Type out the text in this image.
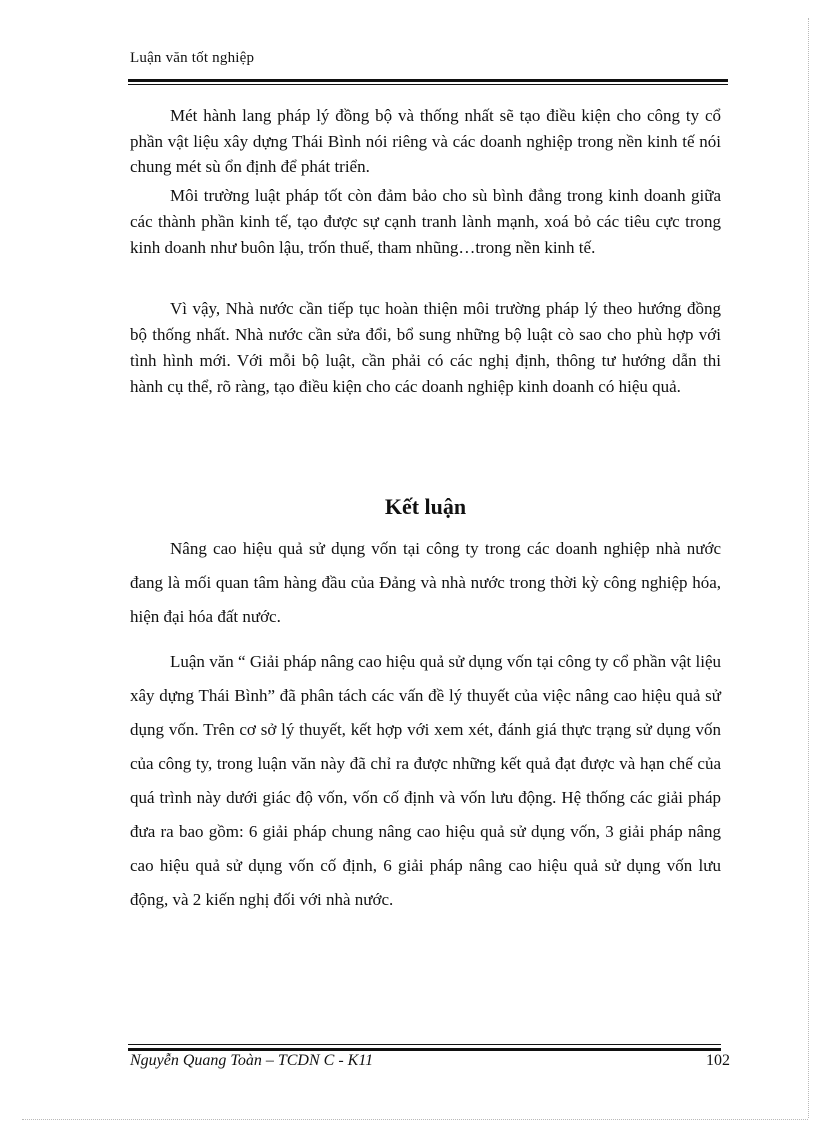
Luận văn tốt nghiệp

Mét hành lang pháp lý đồng bộ và thống nhất sẽ tạo điều kiện cho công ty cổ phần vật liệu xây dựng Thái Bình nói riêng và các doanh nghiệp trong nền kinh tế nói chung mét sù ổn định để phát triển.

Môi trường luật pháp tốt còn đảm bảo cho sù bình đẳng trong kinh doanh giữa các thành phần kinh tế, tạo được sự cạnh tranh lành mạnh, xoá bỏ các tiêu cực trong kinh doanh như buôn lậu, trốn thuế, tham nhũng…trong nền kinh tế.

Vì vậy, Nhà nước cần tiếp tục hoàn thiện môi trường pháp lý theo hướng đồng bộ thống nhất. Nhà nước cần sửa đổi, bổ sung những bộ luật cò sao cho phù hợp với tình hình mới. Với mỗi bộ luật, cần phải có các nghị định, thông tư hướng dẫn thi hành cụ thể, rõ ràng, tạo điều kiện cho các doanh nghiệp kinh doanh có hiệu quả.

Kết luận

Nâng cao hiệu quả sử dụng vốn tại công ty trong các doanh nghiệp nhà nước đang là mối quan tâm hàng đầu của Đảng và nhà nước trong thời kỳ công nghiệp hóa, hiện đại hóa đất nước.

Luận văn “ Giải pháp nâng cao hiệu quả sử dụng vốn tại công ty cổ phần vật liệu xây dựng Thái Bình” đã phân tách các vấn đề lý thuyết của việc nâng cao hiệu quả sử dụng vốn. Trên cơ sở lý thuyết, kết hợp với xem xét, đánh giá thực trạng sử dụng vốn của công ty, trong luận văn này đã chỉ ra được những kết quả đạt được và hạn chế của quá trình này dưới giác độ vốn, vốn cố định và vốn lưu động. Hệ thống các giải pháp đưa ra bao gồm: 6 giải pháp chung nâng cao hiệu quả sử dụng vốn, 3 giải pháp nâng cao hiệu quả sử dụng vốn cố định, 6 giải pháp nâng cao hiệu quả sử dụng vốn lưu động, và 2 kiến nghị đối với nhà nước.

Nguyễn Quang Toàn – TCDN C - K11	102
